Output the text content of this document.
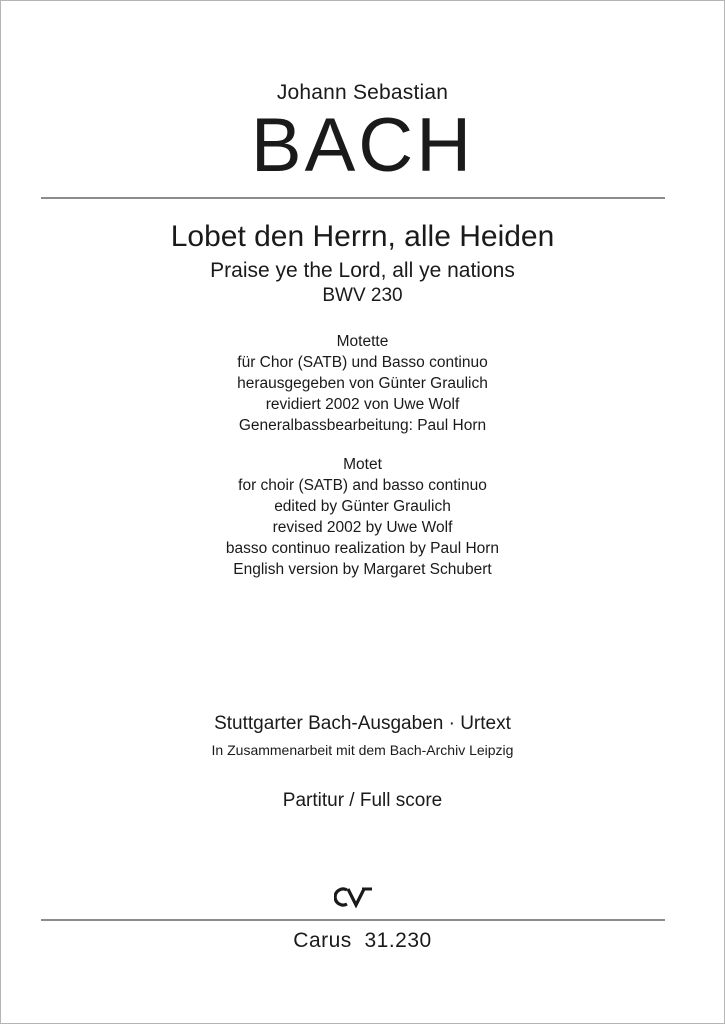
Johann Sebastian
BACH
Lobet den Herrn, alle Heiden
Praise ye the Lord, all ye nations
BWV 230
Motette
für Chor (SATB) und Basso continuo
herausgegeben von Günter Graulich
revidiert 2002 von Uwe Wolf
Generalbassbearbeitung: Paul Horn
Motet
for choir (SATB) and basso continuo
edited by Günter Graulich
revised 2002 by Uwe Wolf
basso continuo realization by Paul Horn
English version by Margaret Schubert
Stuttgarter Bach-Ausgaben · Urtext
In Zusammenarbeit mit dem Bach-Archiv Leipzig
Partitur / Full score
Carus  31.230
